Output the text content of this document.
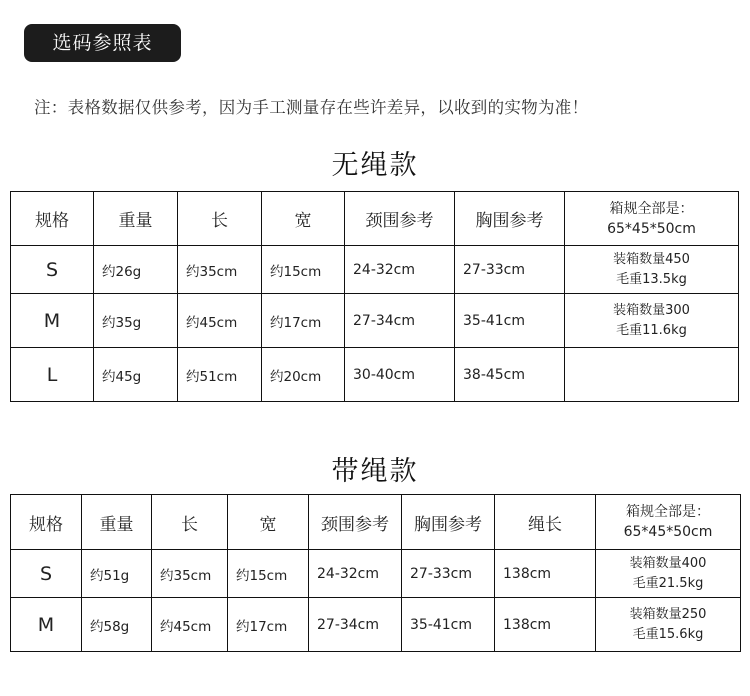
选码参照表
注：表格数据仅供参考，因为手工测量存在些许差异，以收到的实物为准！
无绳款
规格	重量	长	宽	颈围参考	胸围参考	箱规全部是：
65*45*50cm

S	约26g	约35cm	约15cm	24-32cm	27-33cm	装箱数量450
毛重13.5kg

M	约35g	约45cm	约17cm	27-34cm	35-41cm	装箱数量300
毛重11.6kg

L	约45g	约51cm	约20cm	30-40cm	38-45cm	
带绳款
规格	重量	长	宽	颈围参考	胸围参考	绳长	箱规全部是：
65*45*50cm

S	约51g	约35cm	约15cm	24-32cm	27-33cm	138cm	装箱数量400
毛重21.5kg

M	约58g	约45cm	约17cm	27-34cm	35-41cm	138cm	装箱数量250
毛重15.6kg
